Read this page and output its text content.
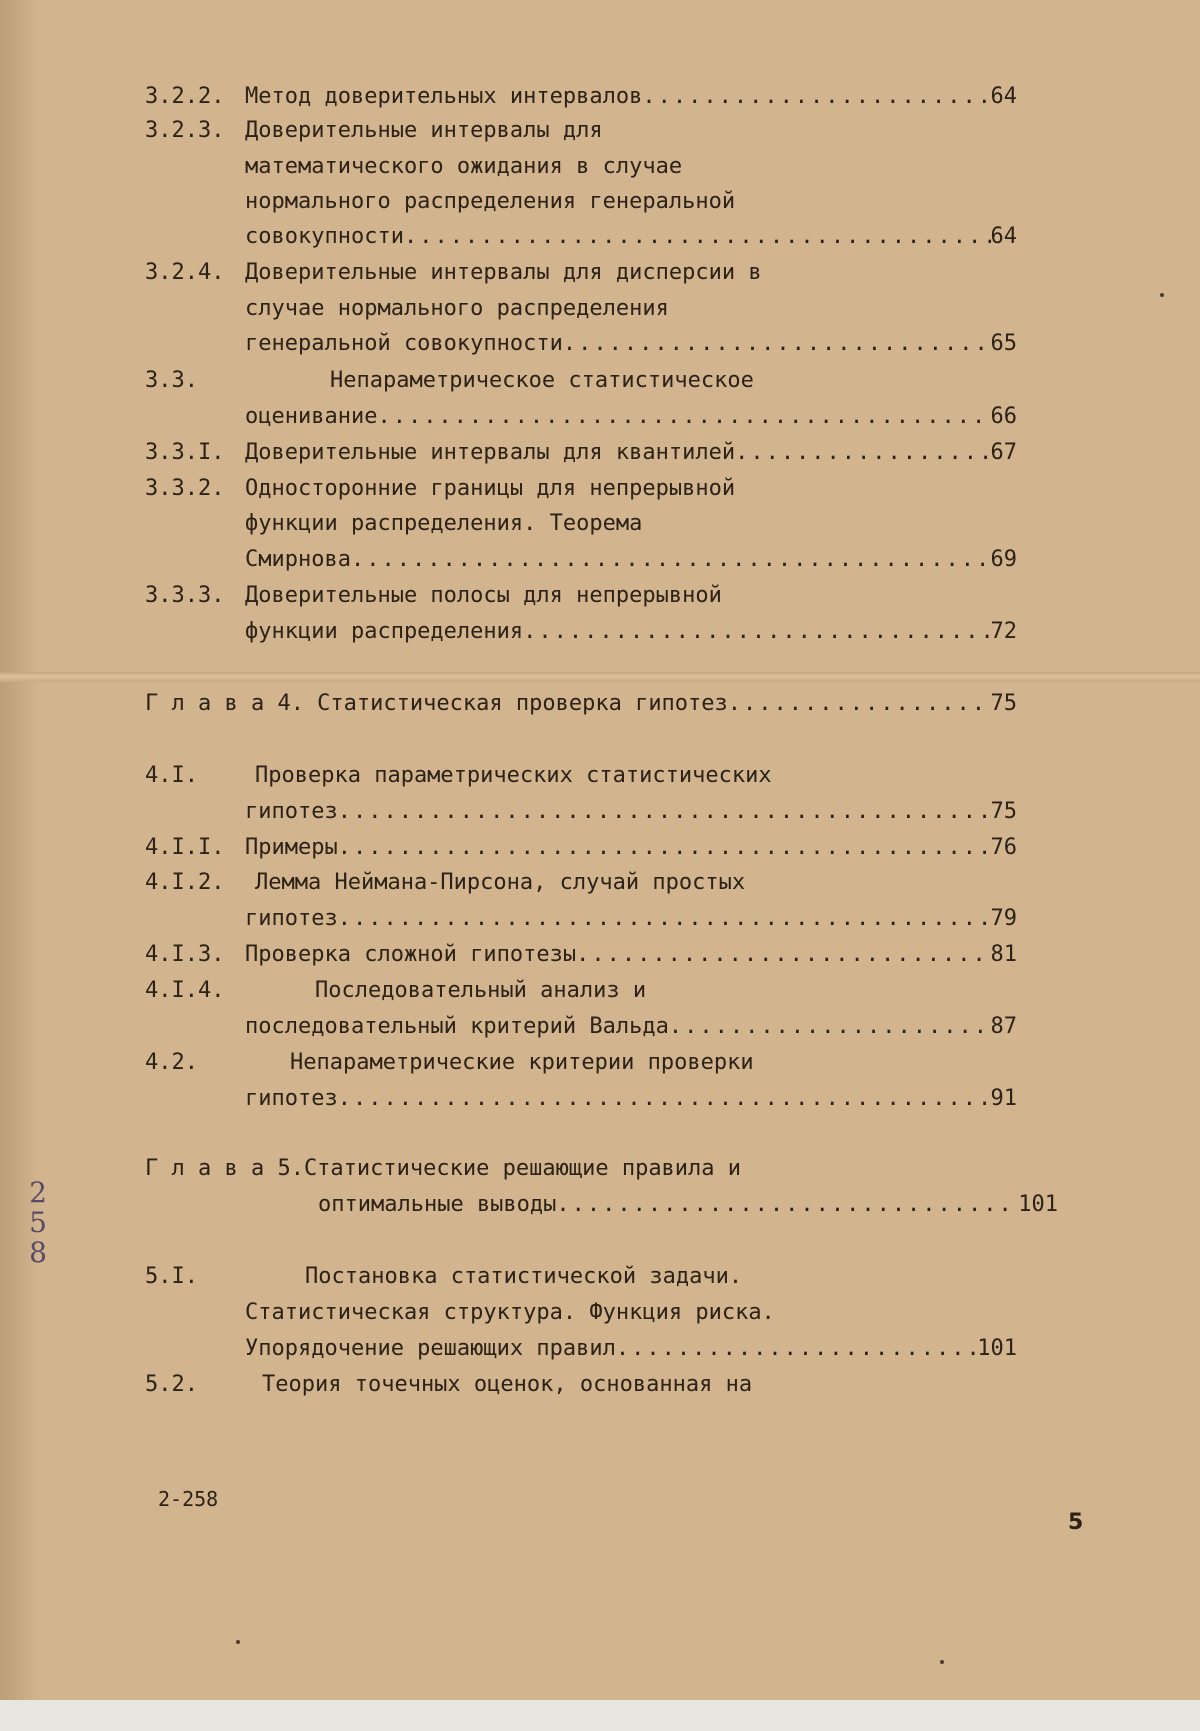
3.2.2. Метод доверительных интервалов .....	64
3.2.3. Доверительные интервалы для
математического ожидания в случае
нормального распределения генеральной
совокупности .....	64
3.2.4. Доверительные интервалы для дисперсии в
случае нормального распределения
генеральной совокупности .....	65
3.3.	Непараметрическое статистическое
оценивание .....	66
3.3.I. Доверительные интервалы для квантилей .....	67
3.3.2. Односторонние границы для непрерывной
функции распределения. Теорема
Смирнова .....	69
3.3.3. Доверительные полосы для непрерывной
функции распределения .....	72
Г л а в а 4. Статистическая проверка гипотез .....	75
4.I.	Проверка параметрических статистических
гипотез .....	75
4.I.I. Примеры .....	76
4.I.2. Лемма Неймана-Пирсона, случай простых
гипотез .....	79
4.I.3. Проверка сложной гипотезы .....	81
4.I.4.	Последовательный анализ и
последовательный критерий Вальда .....	87
4.2.	Непараметрические критерии проверки
гипотез .....	91
Г л а в а 5.Статистические решающие правила и
оптимальные выводы .....	101
5.I.	Постановка статистической задачи.
Статистическая структура. Функция риска.
Упорядочение решающих правил .....	101
5.2.	Теория точечных оценок, основанная на
2-258
5
2
5
8
